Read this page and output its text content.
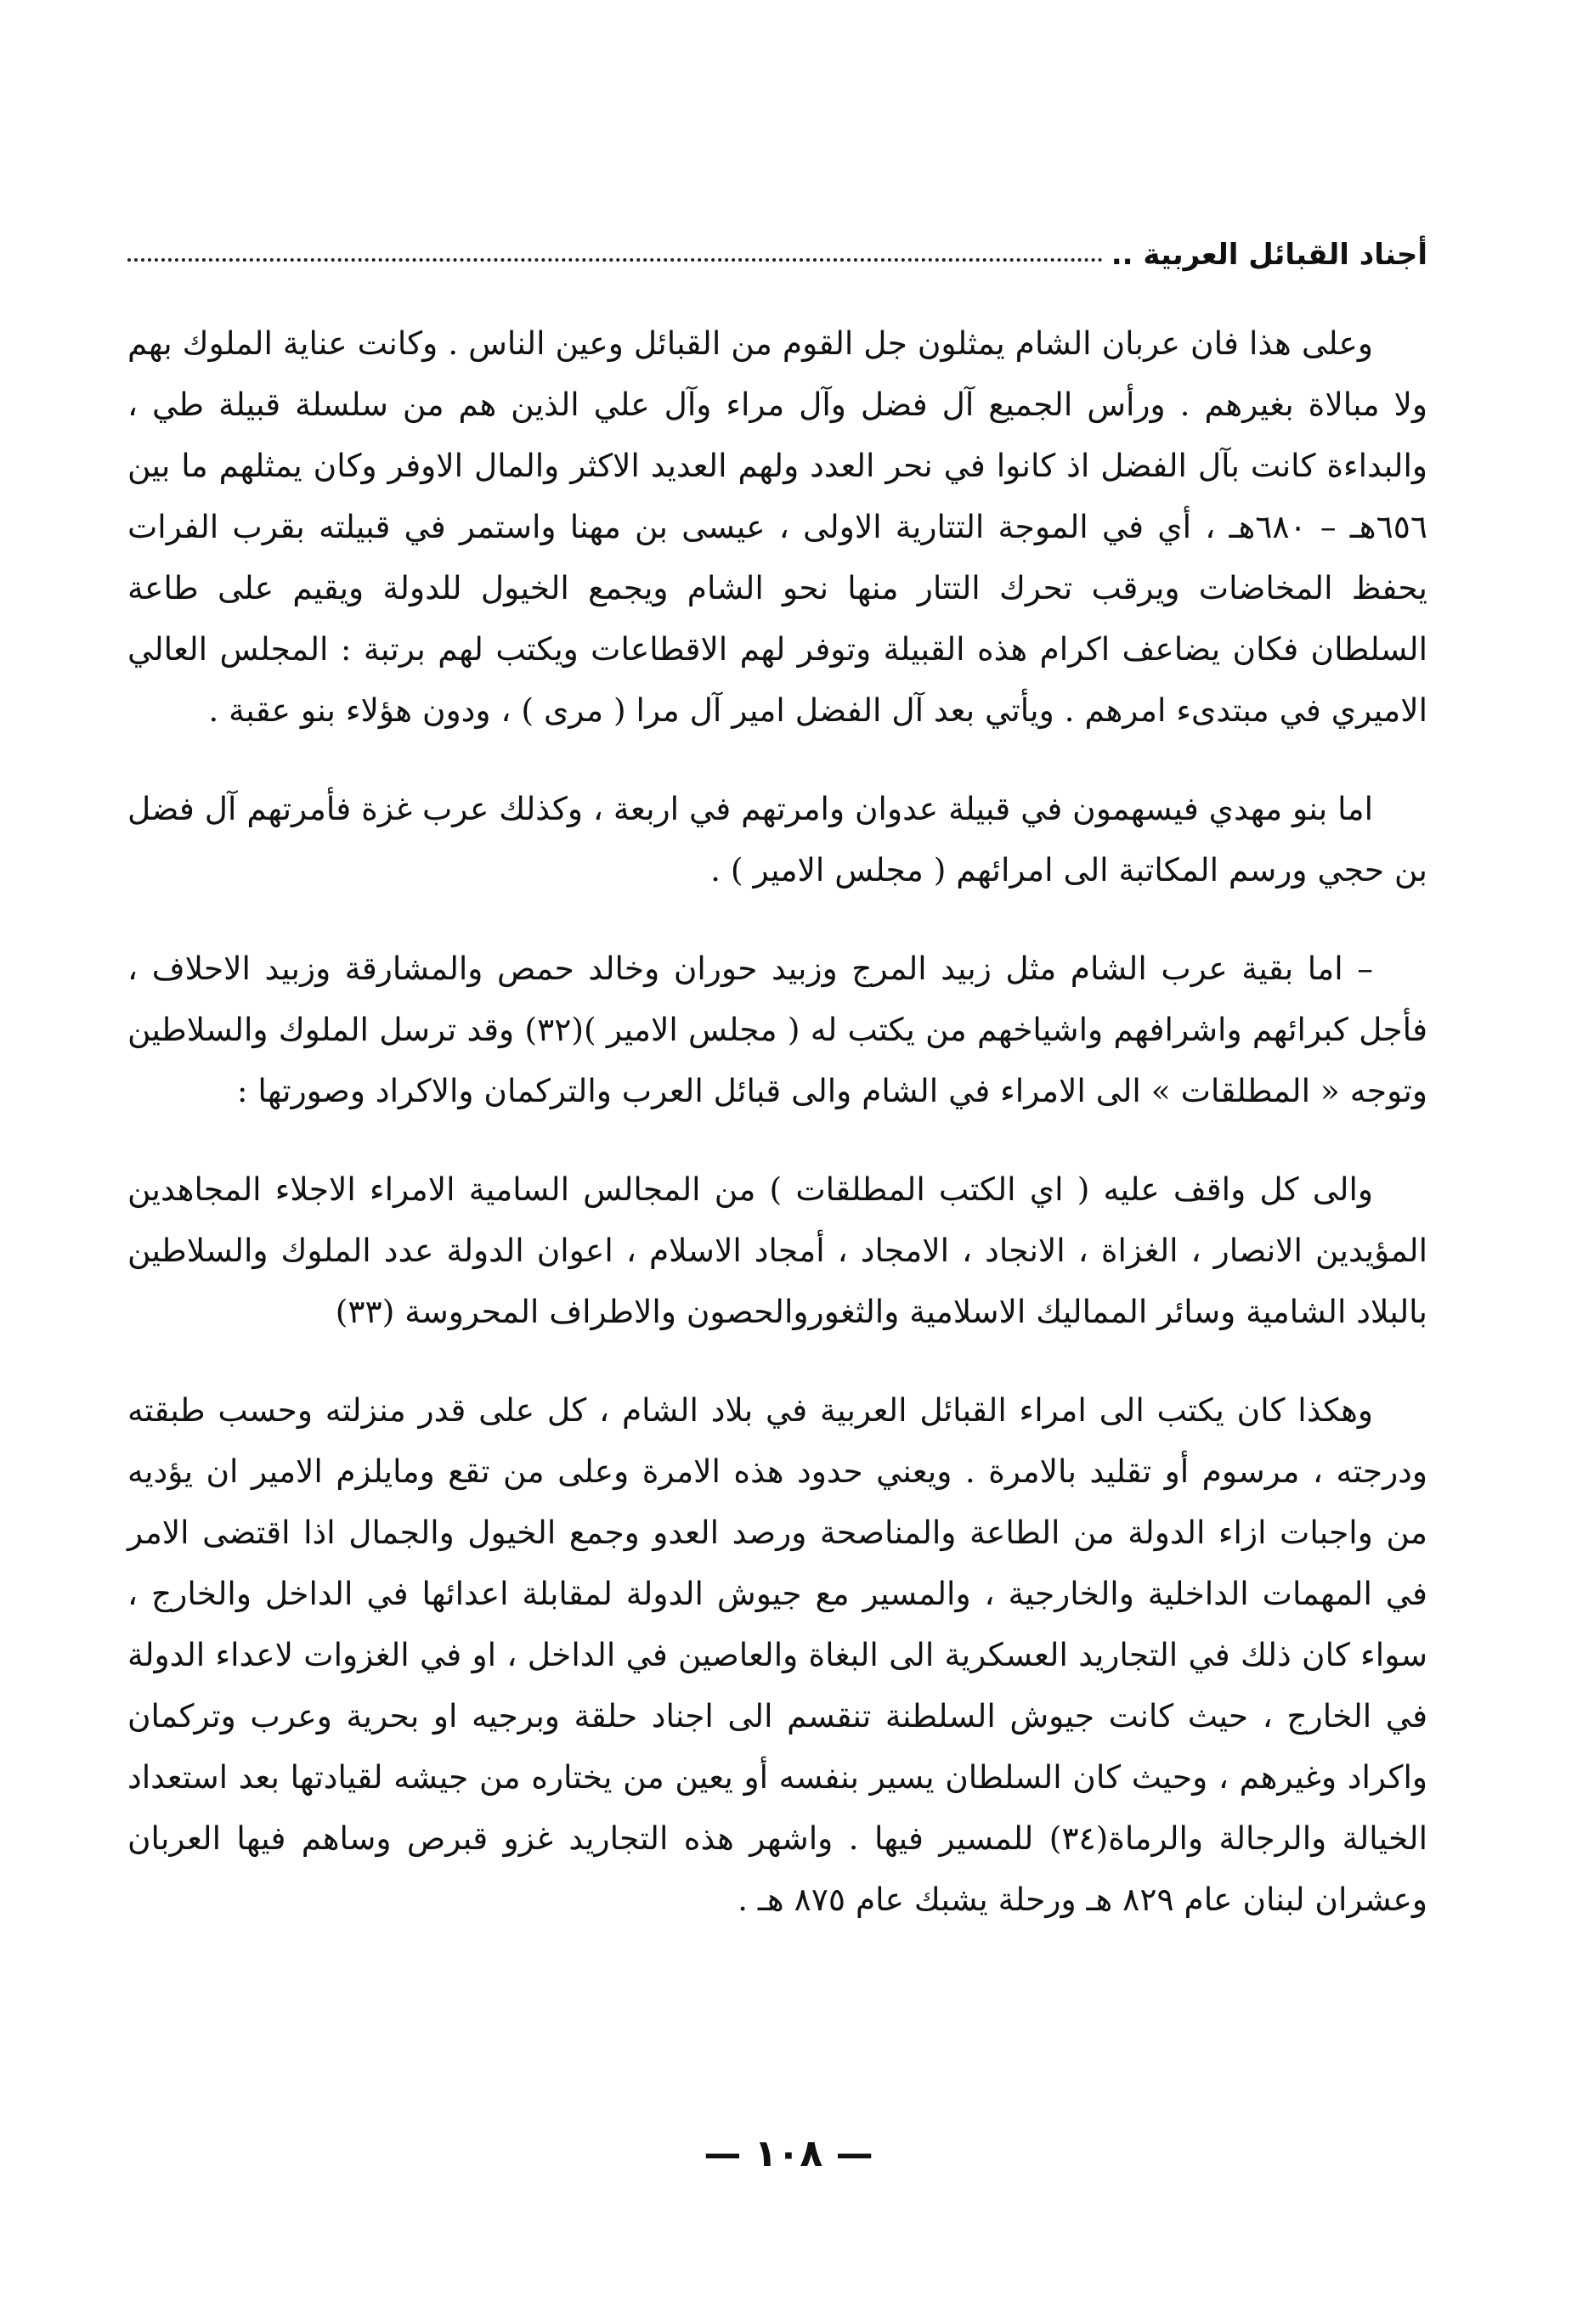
أجناد القبائل العربية ..

وعلى هذا فان عربان الشام يمثلون جل القوم من القبائل وعين الناس . وكانت عناية الملوك بهم ولا مبالاة بغيرهم . ورأس الجميع آل فضل وآل مراء وآل علي الذين هم من سلسلة قبيلة طي ، والبداءة كانت بآل الفضل اذ كانوا في نحر العدد ولهم العديد الاكثر والمال الاوفر وكان يمثلهم ما بين ٦٥٦هـ – ٦٨٠هـ ، أي في الموجة التتارية الاولى ، عيسى بن مهنا واستمر في قبيلته بقرب الفرات يحفظ المخاضات ويرقب تحرك التتار منها نحو الشام ويجمع الخيول للدولة ويقيم على طاعة السلطان فكان يضاعف اكرام هذه القبيلة وتوفر لهم الاقطاعات ويكتب لهم برتبة : المجلس العالي الاميري في مبتدىء امرهم . ويأتي بعد آل الفضل امير آل مرا ( مرى ) ، ودون هؤلاء بنو عقبة .

اما بنو مهدي فيسهمون في قبيلة عدوان وامرتهم في اربعة ، وكذلك عرب غزة فأمرتهم آل فضل بن حجي ورسم المكاتبة الى امرائهم ( مجلس الامير ) .

– اما بقية عرب الشام مثل زبيد المرج وزبيد حوران وخالد حمص والمشارقة وزبيد الاحلاف ، فأجل كبرائهم واشرافهم واشياخهم من يكتب له ( مجلس الامير )(٣٢) وقد ترسل الملوك والسلاطين وتوجه « المطلقات » الى الامراء في الشام والى قبائل العرب والتركمان والاكراد وصورتها :

والى كل واقف عليه ( اي الكتب المطلقات ) من المجالس السامية الامراء الاجلاء المجاهدين المؤيدين الانصار ، الغزاة ، الانجاد ، الامجاد ، أمجاد الاسلام ، اعوان الدولة عدد الملوك والسلاطين بالبلاد الشامية وسائر المماليك الاسلامية والثغوروالحصون والاطراف المحروسة (٣٣)

وهكذا كان يكتب الى امراء القبائل العربية في بلاد الشام ، كل على قدر منزلته وحسب طبقته ودرجته ، مرسوم أو تقليد بالامرة . ويعني حدود هذه الامرة وعلى من تقع ومايلزم الامير ان يؤديه من واجبات ازاء الدولة من الطاعة والمناصحة ورصد العدو وجمع الخيول والجمال اذا اقتضى الامر في المهمات الداخلية والخارجية ، والمسير مع جيوش الدولة لمقابلة اعدائها في الداخل والخارج ، سواء كان ذلك في التجاريد العسكرية الى البغاة والعاصين في الداخل ، او في الغزوات لاعداء الدولة في الخارج ، حيث كانت جيوش السلطنة تنقسم الى اجناد حلقة وبرجيه او بحرية وعرب وتركمان واكراد وغيرهم ، وحيث كان السلطان يسير بنفسه أو يعين من يختاره من جيشه لقيادتها بعد استعداد الخيالة والرجالة والرماة(٣٤) للمسير فيها . واشهر هذه التجاريد غزو قبرص وساهم فيها العربان وعشران لبنان عام ٨٢٩ هـ ورحلة يشبك عام ٨٧٥ هـ .

— ١٠٨ —
